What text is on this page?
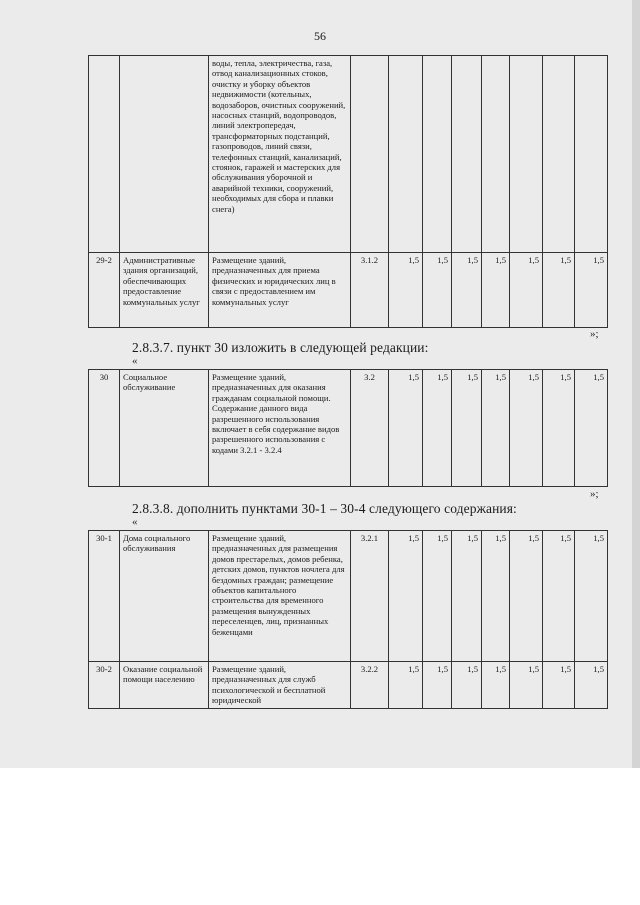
56
		воды, тепла, электричества, газа, отвод канализационных стоков, очистку и уборку объектов недвижимости (котельных, водозаборов, очистных сооружений, насосных станций, водопроводов, линий электропередач, трансформаторных подстанций, газопроводов, линий связи, телефонных станций, канализаций, стоянок, гаражей и мастерских для обслуживания уборочной и аварийной техники, сооружений, необходимых для сбора и плавки снега)								
29-2	Административные здания организаций, обеспечивающих предоставление коммунальных услуг	Размещение зданий, предназначенных для приема физических и юридических лиц в связи с предоставлением им коммунальных услуг	3.1.2	1,5	1,5	1,5	1,5	1,5	1,5	1,5
»;
2.8.3.7. пункт 30 изложить в следующей редакции:
«
30	Социальное обслуживание	Размещение зданий, предназначенных для оказания гражданам социальной помощи. Содержание данного вида разрешенного использования включает в себя содержание видов разрешенного использования с кодами 3.2.1 - 3.2.4	3.2	1,5	1,5	1,5	1,5	1,5	1,5	1,5
»;
2.8.3.8. дополнить пунктами 30-1 – 30-4 следующего содержания:
«
30-1	Дома социального обслуживания	Размещение зданий, предназначенных для размещения домов престарелых, домов ребенка, детских домов, пунктов ночлега для бездомных граждан; размещение объектов капитального строительства для временного размещения вынужденных переселенцев, лиц, признанных беженцами	3.2.1	1,5	1,5	1,5	1,5	1,5	1,5	1,5
30-2	Оказание социальной помощи населению	Размещение зданий, предназначенных для служб психологической и бесплатной юридической	3.2.2	1,5	1,5	1,5	1,5	1,5	1,5	1,5
